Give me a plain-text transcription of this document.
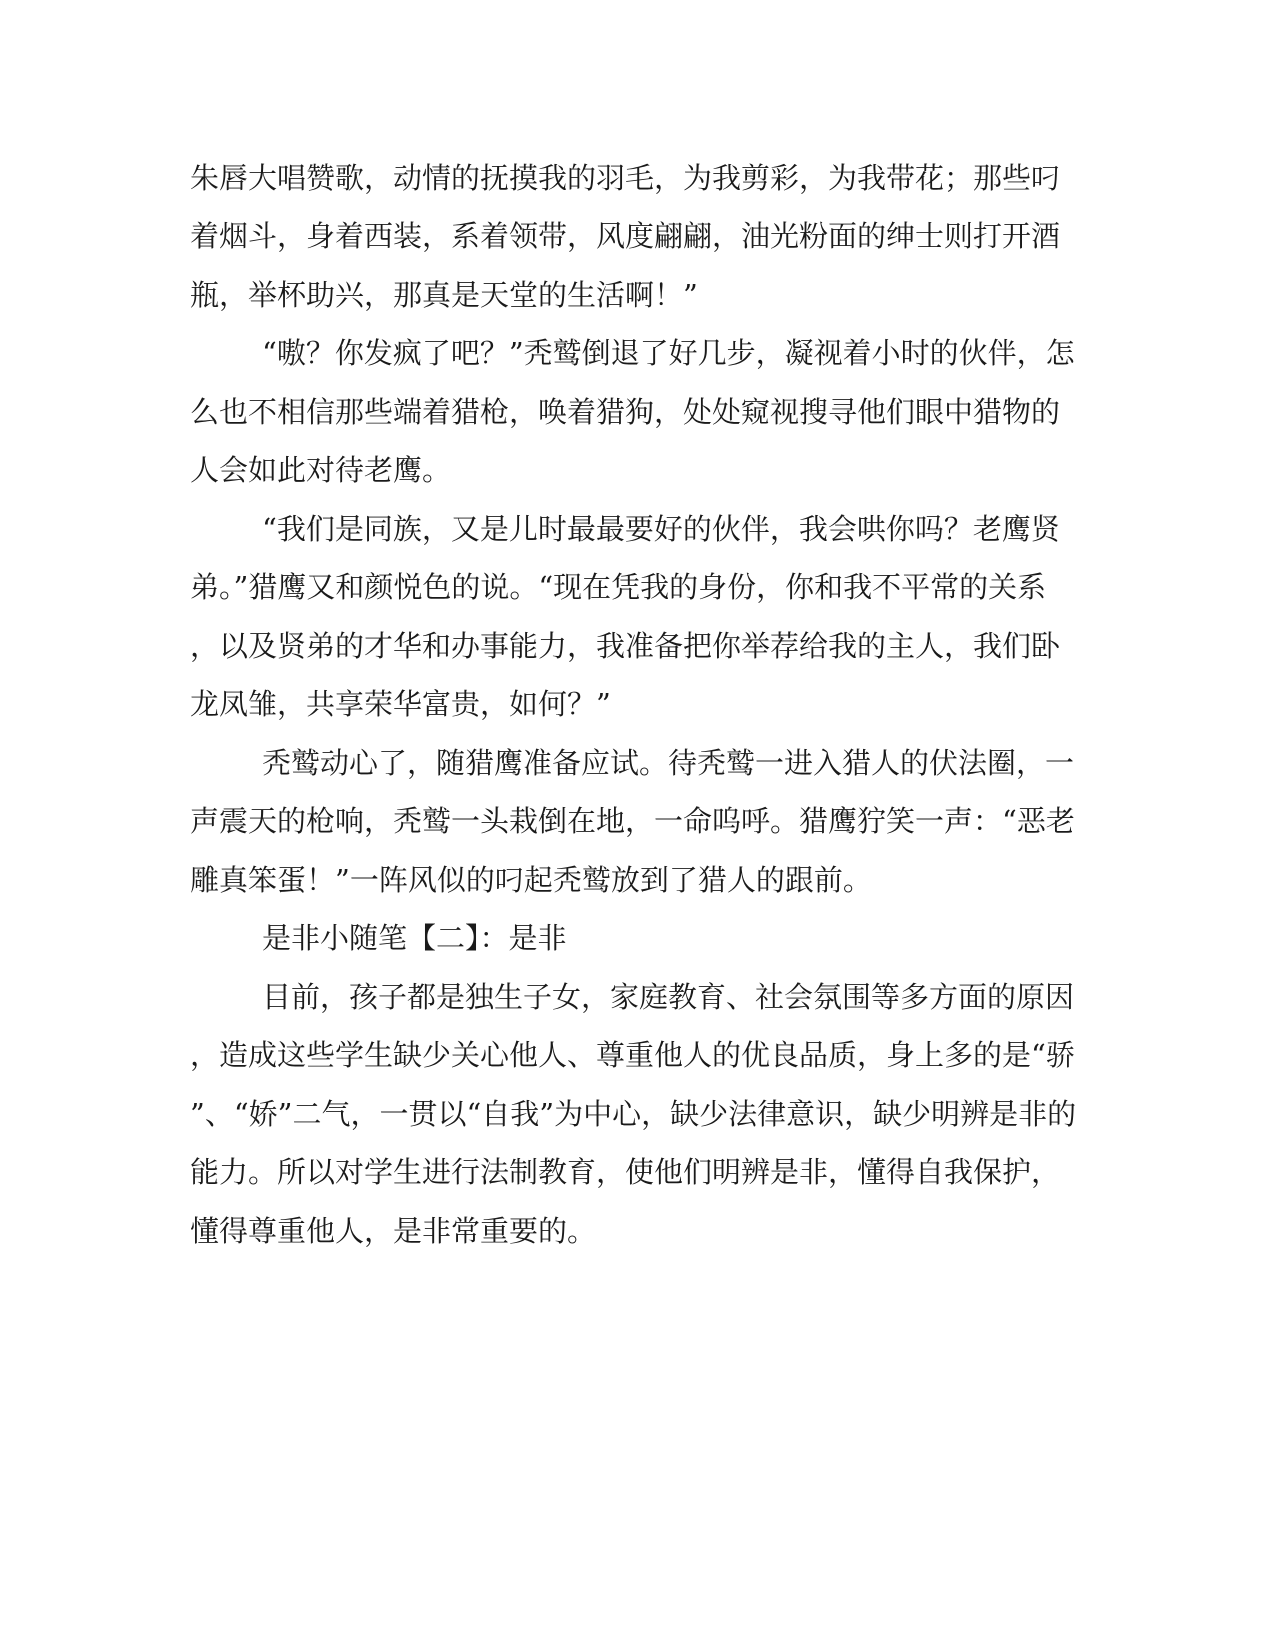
朱唇大唱赞歌，动情的抚摸我的羽毛，为我剪彩，为我带花；那些叼
着烟斗，身着西装，系着领带，风度翩翩，油光粉面的绅士则打开酒
瓶，举杯助兴，那真是天堂的生活啊！”
“嗷？你发疯了吧？”秃鹫倒退了好几步，凝视着小时的伙伴，怎
么也不相信那些端着猎枪，唤着猎狗，处处窥视搜寻他们眼中猎物的
人会如此对待老鹰。
“我们是同族，又是儿时最最要好的伙伴，我会哄你吗？老鹰贤
弟。”猎鹰又和颜悦色的说。“现在凭我的身份，你和我不平常的关系
，以及贤弟的才华和办事能力，我准备把你举荐给我的主人，我们卧
龙凤雏，共享荣华富贵，如何？”
秃鹫动心了，随猎鹰准备应试。待秃鹫一进入猎人的伏法圈，一
声震天的枪响，秃鹫一头栽倒在地，一命呜呼。猎鹰狞笑一声：“恶老
雕真笨蛋！”一阵风似的叼起秃鹫放到了猎人的跟前。
是非小随笔【二】：是非
目前，孩子都是独生子女，家庭教育、社会氛围等多方面的原因
，造成这些学生缺少关心他人、尊重他人的优良品质，身上多的是“骄
”、“娇”二气，一贯以“自我”为中心，缺少法律意识，缺少明辨是非的
能力。所以对学生进行法制教育，使他们明辨是非，懂得自我保护，
懂得尊重他人，是非常重要的。
